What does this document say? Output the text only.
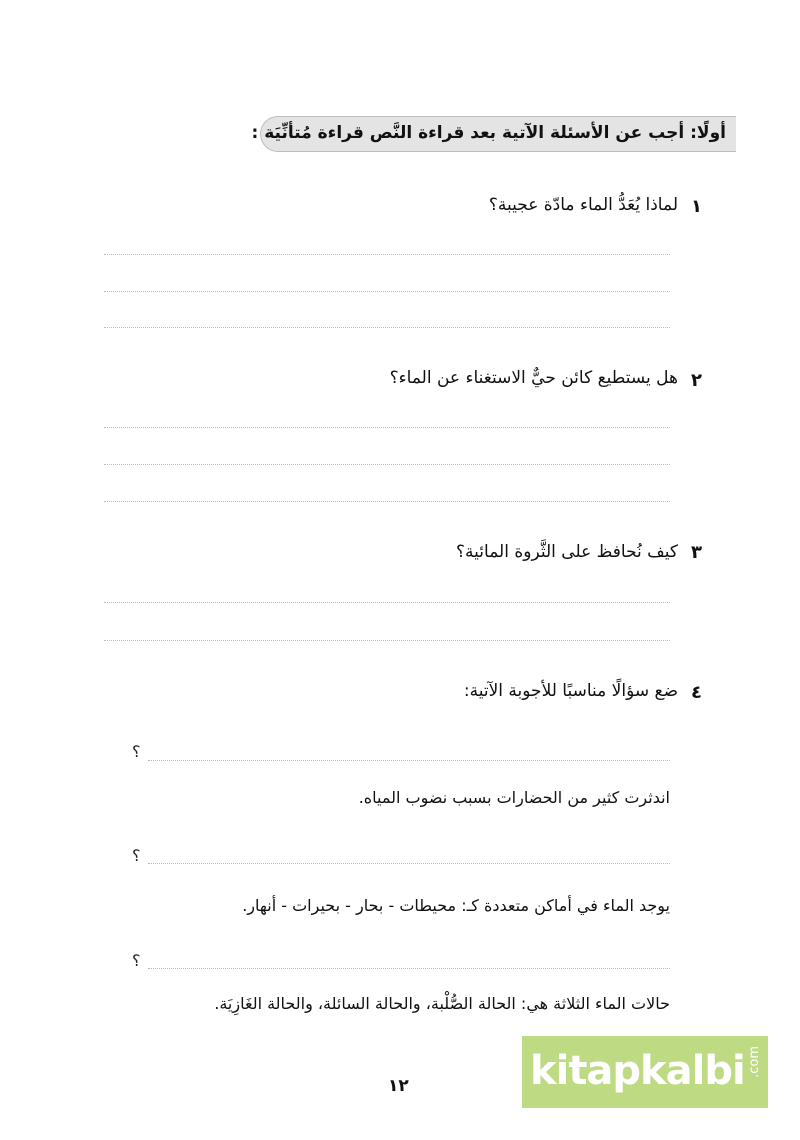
أولًا: أجب عن الأسئلة الآتية بعد قراءة النَّص قراءة مُتأنِّيَة :
١
لماذا يُعَدُّ الماء مادّة عجيبة؟
٢
هل يستطيع كائن حيٌّ الاستغناء عن الماء؟
٣
كيف نُحافظ على الثَّروة المائية؟
٤
ضع سؤالًا مناسبًا للأجوبة الآتية:
؟
اندثرت كثير من الحضارات بسبب نضوب المياه.
؟
يوجد الماء في أماكن متعددة كـ: محيطات - بحار - بحيرات - أنهار.
؟
حالات الماء الثلاثة هي: الحالة الصُّلْبة، والحالة السائلة، والحالة الغَازِيَة.
١٢	kitapkalbi .com
